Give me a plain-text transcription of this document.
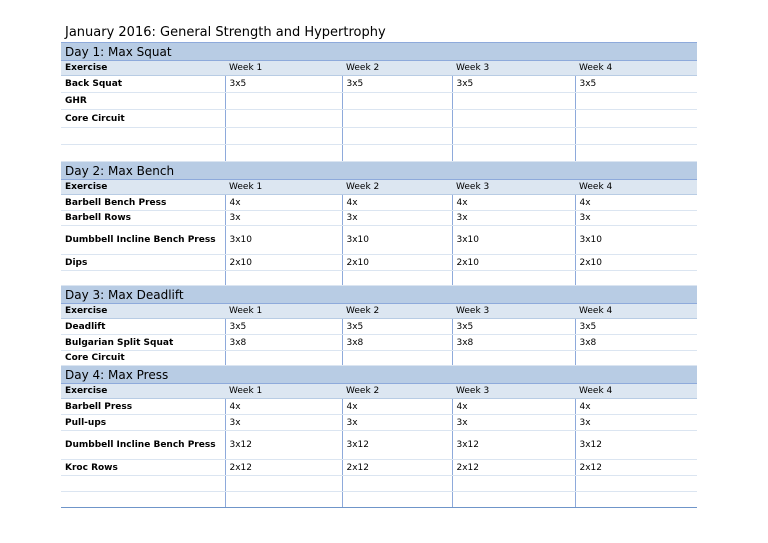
January 2016: General Strength and Hypertrophy
Day 1: Max Squat				
Exercise	Week 1	Week 2	Week 3	Week 4
Back Squat	3x5	3x5	3x5	3x5
GHR				
Core Circuit				

Day 2: Max Bench				
Exercise	Week 1	Week 2	Week 3	Week 4
Barbell Bench Press	4x	4x	4x	4x
Barbell Rows	3x	3x	3x	3x
Dumbbell Incline Bench Press	3x10	3x10	3x10	3x10
Dips	2x10	2x10	2x10	2x10

Day 3: Max Deadlift				
Exercise	Week 1	Week 2	Week 3	Week 4
Deadlift	3x5	3x5	3x5	3x5
Bulgarian Split Squat	3x8	3x8	3x8	3x8
Core Circuit				
Day 4: Max Press				
Exercise	Week 1	Week 2	Week 3	Week 4
Barbell Press	4x	4x	4x	4x
Pull-ups	3x	3x	3x	3x
Dumbbell Incline Bench Press	3x12	3x12	3x12	3x12
Kroc Rows	2x12	2x12	2x12	2x12
